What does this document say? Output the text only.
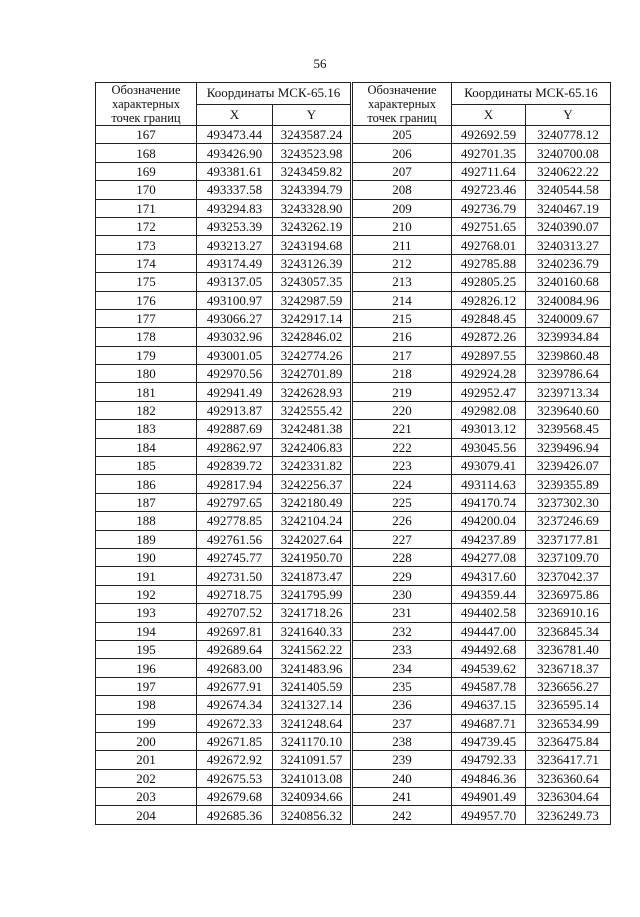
56
Обозначение характерных точек границ	Координаты МСК-65.16		Обозначение характерных точек границ	Координаты МСК-65.16	
	X	Y		X	Y
167	493473.44	3243587.24	205	492692.59	3240778.12
168	493426.90	3243523.98	206	492701.35	3240700.08
169	493381.61	3243459.82	207	492711.64	3240622.22
170	493337.58	3243394.79	208	492723.46	3240544.58
171	493294.83	3243328.90	209	492736.79	3240467.19
172	493253.39	3243262.19	210	492751.65	3240390.07
173	493213.27	3243194.68	211	492768.01	3240313.27
174	493174.49	3243126.39	212	492785.88	3240236.79
175	493137.05	3243057.35	213	492805.25	3240160.68
176	493100.97	3242987.59	214	492826.12	3240084.96
177	493066.27	3242917.14	215	492848.45	3240009.67
178	493032.96	3242846.02	216	492872.26	3239934.84
179	493001.05	3242774.26	217	492897.55	3239860.48
180	492970.56	3242701.89	218	492924.28	3239786.64
181	492941.49	3242628.93	219	492952.47	3239713.34
182	492913.87	3242555.42	220	492982.08	3239640.60
183	492887.69	3242481.38	221	493013.12	3239568.45
184	492862.97	3242406.83	222	493045.56	3239496.94
185	492839.72	3242331.82	223	493079.41	3239426.07
186	492817.94	3242256.37	224	493114.63	3239355.89
187	492797.65	3242180.49	225	494170.74	3237302.30
188	492778.85	3242104.24	226	494200.04	3237246.69
189	492761.56	3242027.64	227	494237.89	3237177.81
190	492745.77	3241950.70	228	494277.08	3237109.70
191	492731.50	3241873.47	229	494317.60	3237042.37
192	492718.75	3241795.99	230	494359.44	3236975.86
193	492707.52	3241718.26	231	494402.58	3236910.16
194	492697.81	3241640.33	232	494447.00	3236845.34
195	492689.64	3241562.22	233	494492.68	3236781.40
196	492683.00	3241483.96	234	494539.62	3236718.37
197	492677.91	3241405.59	235	494587.78	3236656.27
198	492674.34	3241327.14	236	494637.15	3236595.14
199	492672.33	3241248.64	237	494687.71	3236534.99
200	492671.85	3241170.10	238	494739.45	3236475.84
201	492672.92	3241091.57	239	494792.33	3236417.71
202	492675.53	3241013.08	240	494846.36	3236360.64
203	492679.68	3240934.66	241	494901.49	3236304.64
204	492685.36	3240856.32	242	494957.70	3236249.73
